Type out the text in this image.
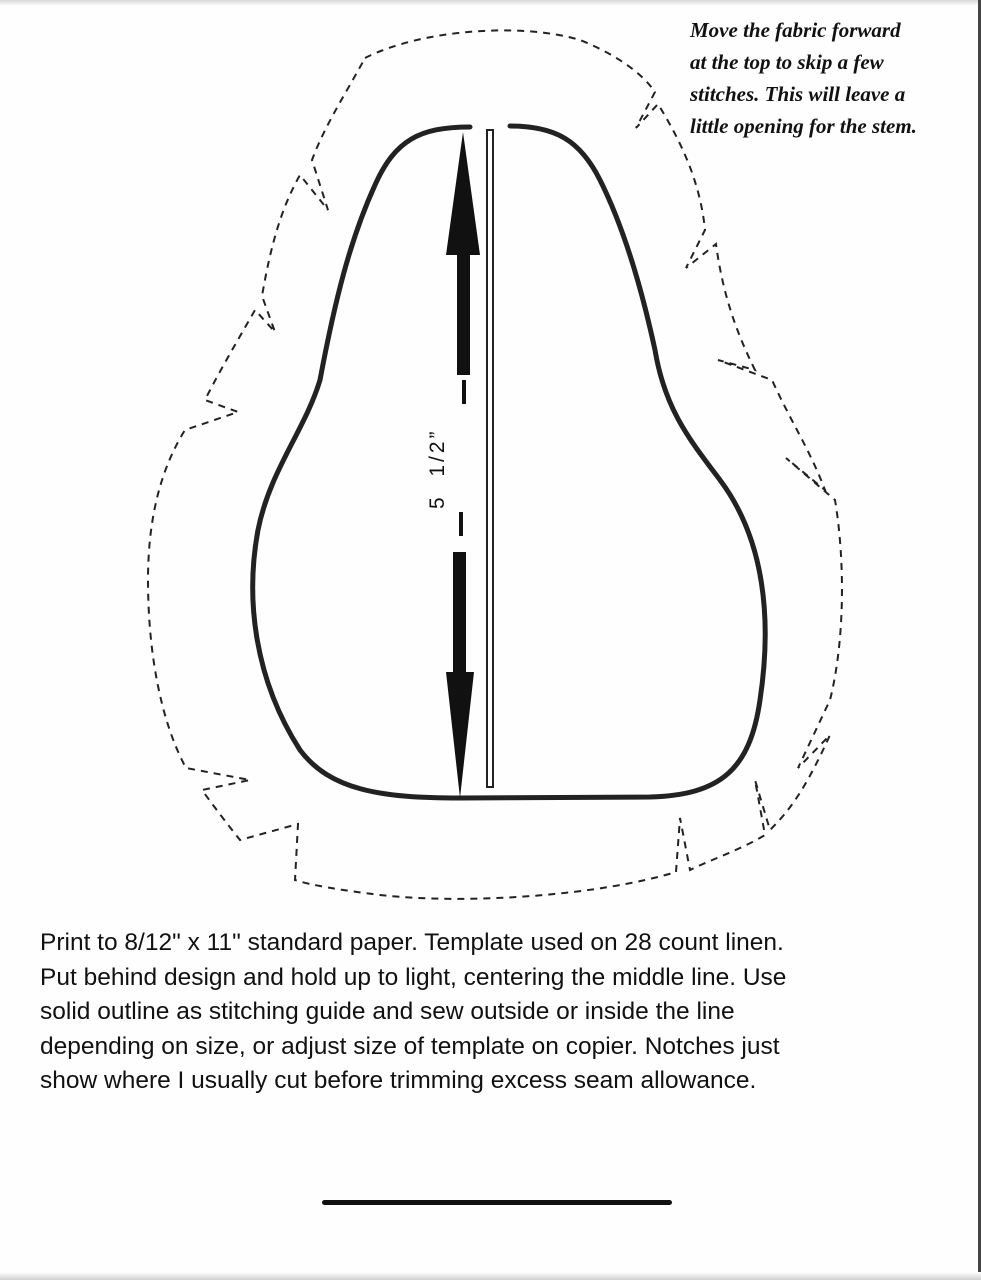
Move the fabric forward
at the top to skip a few
stitches. This will leave a
little opening for the stem.
5  1/2”
Print to 8/12" x 11" standard paper. Template used on 28 count linen.
Put behind design and hold up to light, centering the middle line. Use
solid outline as stitching guide and sew outside or inside the line
depending on size, or adjust size of template on copier. Notches just
show where I usually cut before trimming excess seam allowance.
